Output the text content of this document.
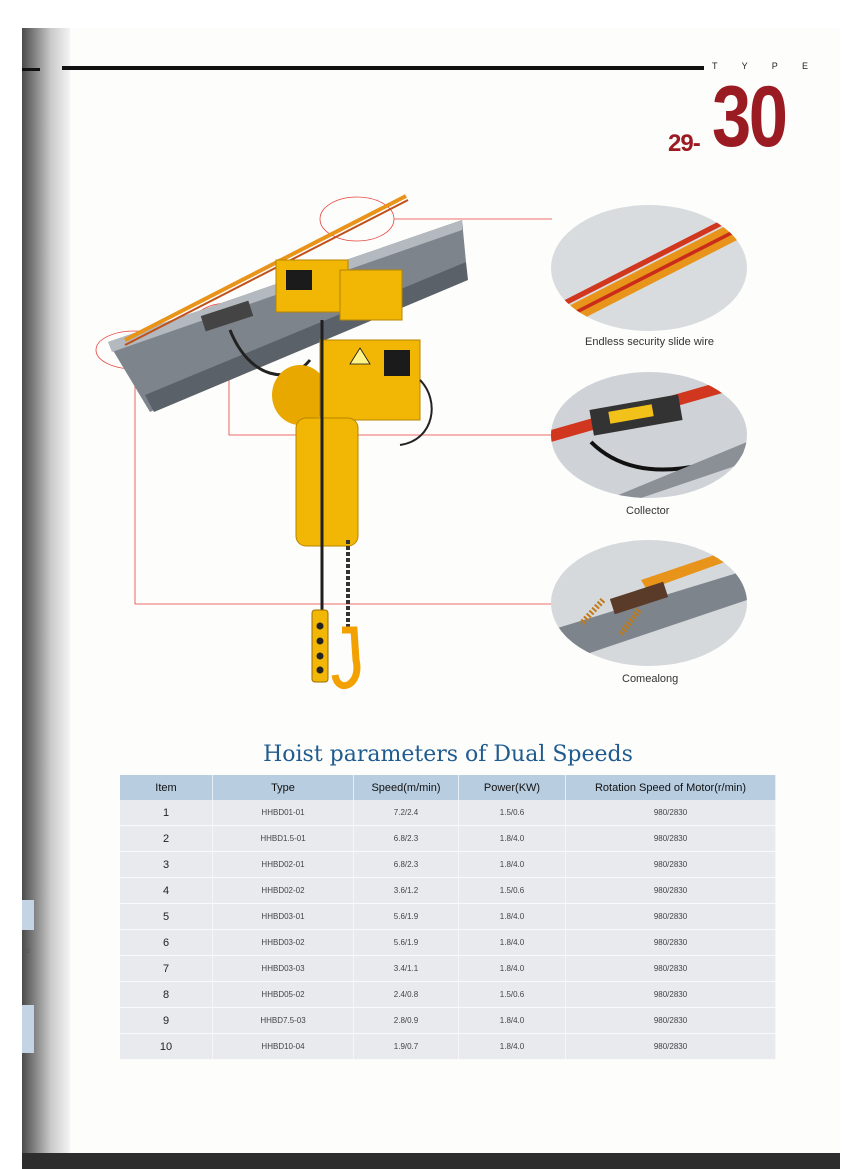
T	Y	P	E
29- 30
Endless security slide wire
Collector
Comealong
Hoist parameters of Dual Speeds
Item	Type	Speed(m/min)	Power(KW)	Rotation Speed of Motor(r/min)
1	HHBD01-01	7.2/2.4	1.5/0.6	980/2830
2	HHBD1.5-01	6.8/2.3	1.8/4.0	980/2830
3	HHBD02-01	6.8/2.3	1.8/4.0	980/2830
4	HHBD02-02	3.6/1.2	1.5/0.6	980/2830
5	HHBD03-01	5.6/1.9	1.8/4.0	980/2830
6	HHBD03-02	5.6/1.9	1.8/4.0	980/2830
7	HHBD03-03	3.4/1.1	1.8/4.0	980/2830
8	HHBD05-02	2.4/0.8	1.5/0.6	980/2830
9	HHBD7.5-03	2.8/0.9	1.8/4.0	980/2830
10	HHBD10-04	1.9/0.7	1.8/4.0	980/2830
20
